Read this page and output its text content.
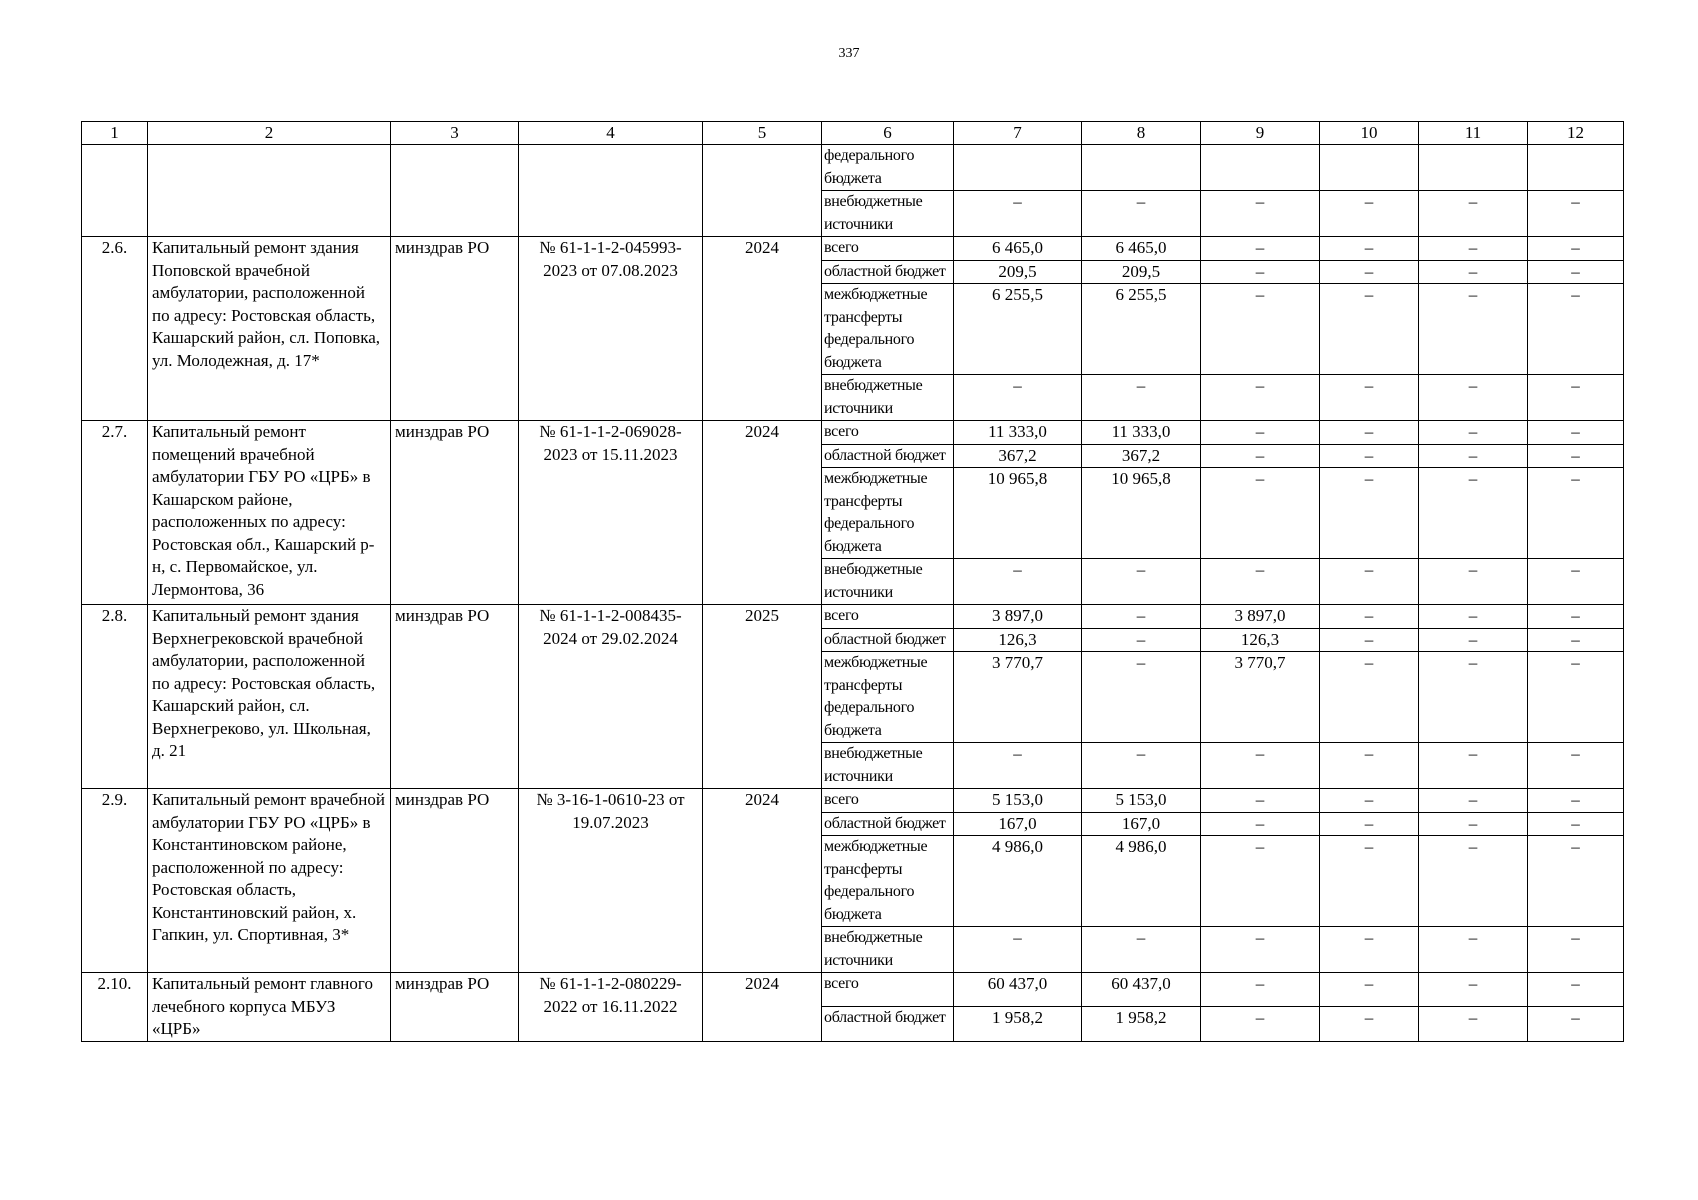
337
1	2	3	4	5	6	7	8	9	10	11	12
					федерального бюджета						
					внебюджетные источники	–	–	–	–	–	–
2.6.	Капитальный ремонт здания Поповской врачебной амбулатории, расположенной по адресу: Ростовская область, Кашарский район, сл. Поповка, ул. Молодежная, д. 17*	минздрав РО	№ 61-1-1-2-045993-2023 от 07.08.2023	2024	всего	6 465,0	6 465,0	–	–	–	–
					областной бюджет	209,5	209,5	–	–	–	–
					межбюджетные трансферты федерального бюджета	6 255,5	6 255,5	–	–	–	–
					внебюджетные источники	–	–	–	–	–	–
2.7.	Капитальный ремонт помещений врачебной амбулатории ГБУ РО «ЦРБ» в Кашарском районе, расположенных по адресу: Ростовская обл., Кашарский р-н, с. Первомайское, ул. Лермонтова, 36	минздрав РО	№ 61-1-1-2-069028-2023 от 15.11.2023	2024	всего	11 333,0	11 333,0	–	–	–	–
					областной бюджет	367,2	367,2	–	–	–	–
					межбюджетные трансферты федерального бюджета	10 965,8	10 965,8	–	–	–	–
					внебюджетные источники	–	–	–	–	–	–
2.8.	Капитальный ремонт здания Верхнегрековской врачебной амбулатории, расположенной по адресу: Ростовская область, Кашарский район, сл. Верхнегреково, ул. Школьная, д. 21	минздрав РО	№ 61-1-1-2-008435-2024 от 29.02.2024	2025	всего	3 897,0	–	3 897,0	–	–	–
					областной бюджет	126,3	–	126,3	–	–	–
					межбюджетные трансферты федерального бюджета	3 770,7	–	3 770,7	–	–	–
					внебюджетные источники	–	–	–	–	–	–
2.9.	Капитальный ремонт врачебной амбулатории ГБУ РО «ЦРБ» в Константиновском районе, расположенной по адресу: Ростовская область, Константиновский район, х. Гапкин, ул. Спортивная, 3*	минздрав РО	№ 3-16-1-0610-23 от 19.07.2023	2024	всего	5 153,0	5 153,0	–	–	–	–
					областной бюджет	167,0	167,0	–	–	–	–
					межбюджетные трансферты федерального бюджета	4 986,0	4 986,0	–	–	–	–
					внебюджетные источники	–	–	–	–	–	–
2.10.	Капитальный ремонт главного лечебного корпуса МБУЗ «ЦРБ»	минздрав РО	№ 61-1-1-2-080229-2022 от 16.11.2022	2024	всего	60 437,0	60 437,0	–	–	–	–
					областной бюджет	1 958,2	1 958,2	–	–	–	–
